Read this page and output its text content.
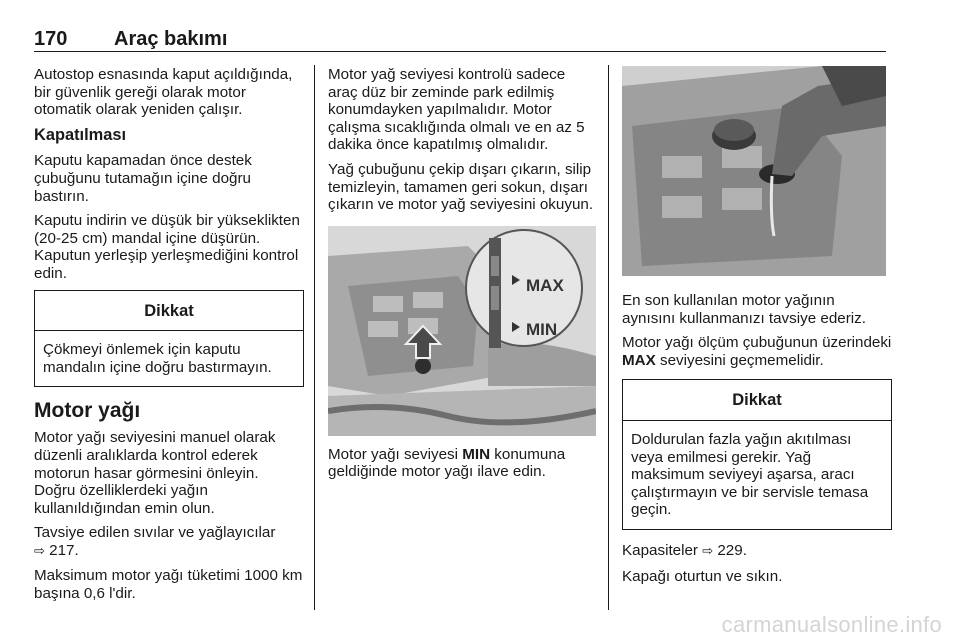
170 Araç bakımı

Autostop esnasında kaput açıldığında, bir güvenlik gereği olarak motor otomatik olarak yeniden çalışır.

Kapatılması

Kaputu kapamadan önce destek çubuğunu tutamağın içine doğru bastırın.

Kaputu indirin ve düşük bir yükseklikten (20-25 cm) mandal içine düşürün. Kaputun yerleşip yerleşmediğini kontrol edin.

Dikkat
Çökmeyi önlemek için kaputu mandalın içine doğru bastırmayın.
Motor yağı

Motor yağı seviyesini manuel olarak düzenli aralıklarda kontrol ederek motorun hasar görmesini önleyin. Doğru özelliklerdeki yağın kullanıldığından emin olun.

Tavsiye edilen sıvılar ve yağlayıcılar
⇨ 217.

Maksimum motor yağı tüketimi 1000 km başına 0,6 l'dir.

Motor yağ seviyesi kontrolü sadece araç düz bir zeminde park edilmiş konumdayken yapılmalıdır. Motor çalışma sıcaklığında olmalı ve en az 5 dakika önce kapatılmış olmalıdır.

Yağ çubuğunu çekip dışarı çıkarın, silip temizleyin, tamamen geri sokun, dışarı çıkarın ve motor yağ seviyesini okuyun.

MAX
MIN

Motor yağı seviyesi MIN konumuna geldiğinde motor yağı ilave edin.

En son kullanılan motor yağının aynısını kullanmanızı tavsiye ederiz.

Motor yağı ölçüm çubuğunun üzerindeki MAX seviyesini geçmemelidir.

Dikkat
Doldurulan fazla yağın akıtılması veya emilmesi gerekir. Yağ maksimum seviyeyi aşarsa, aracı çalıştırmayın ve bir servisle temasa geçin.

Kapasiteler ⇨ 229.

Kapağı oturtun ve sıkın.

carmanualsonline.info
